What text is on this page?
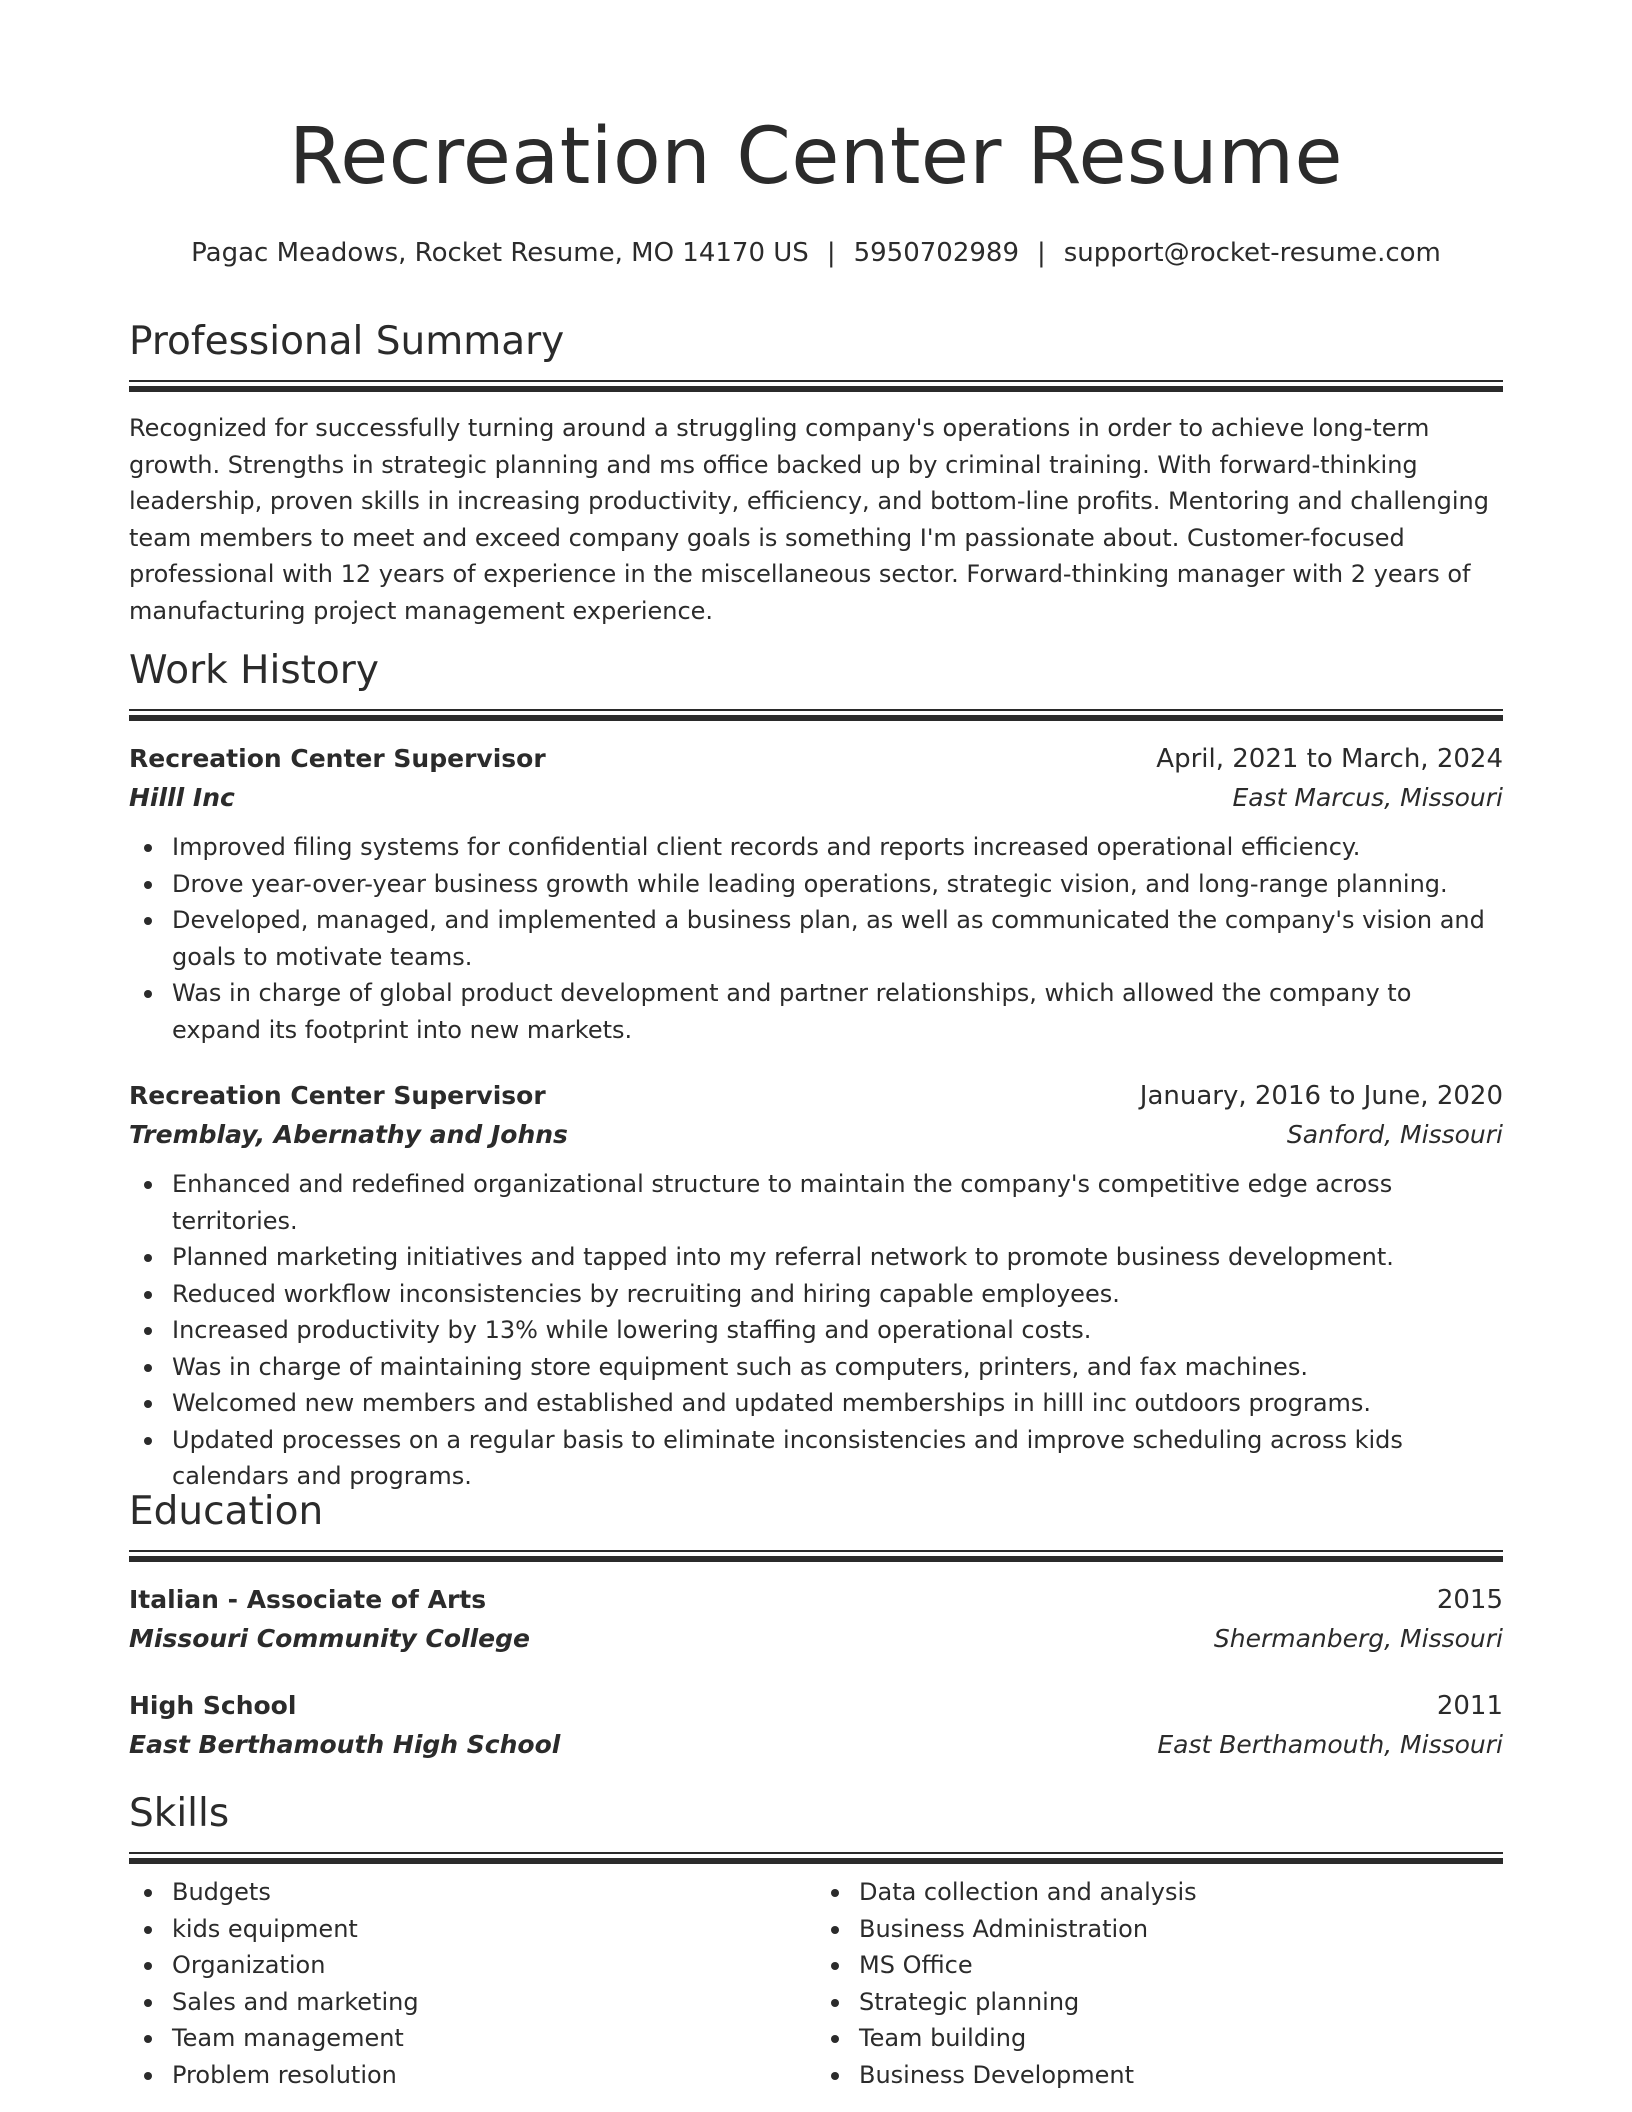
Recreation Center Resume
Pagac Meadows, Rocket Resume, MO 14170 US | 5950702989 | support@rocket-resume.com
Professional Summary

Recognized for successfully turning around a struggling company's operations in order to achieve long-term growth. Strengths in strategic planning and ms office backed up by criminal training. With forward-thinking leadership, proven skills in increasing productivity, efficiency, and bottom-line profits. Mentoring and challenging team members to meet and exceed company goals is something I'm passionate about. Customer-focused professional with 12 years of experience in the miscellaneous sector. Forward-thinking manager with 2 years of manufacturing project management experience.

Work History
Recreation Center Supervisor	April, 2021 to March, 2024
Hilll Inc	East Marcus, Missouri
Improved filing systems for confidential client records and reports increased operational efficiency.
Drove year-over-year business growth while leading operations, strategic vision, and long-range planning.
Developed, managed, and implemented a business plan, as well as communicated the company's vision and goals to motivate teams.
Was in charge of global product development and partner relationships, which allowed the company to expand its footprint into new markets.
Recreation Center Supervisor	January, 2016 to June, 2020
Tremblay, Abernathy and Johns	Sanford, Missouri
Enhanced and redefined organizational structure to maintain the company's competitive edge across territories.
Planned marketing initiatives and tapped into my referral network to promote business development.
Reduced workflow inconsistencies by recruiting and hiring capable employees.
Increased productivity by 13% while lowering staffing and operational costs.
Was in charge of maintaining store equipment such as computers, printers, and fax machines.
Welcomed new members and established and updated memberships in hilll inc outdoors programs.
Updated processes on a regular basis to eliminate inconsistencies and improve scheduling across kids calendars and programs.
Education
Italian - Associate of Arts	2015
Missouri Community College	Shermanberg, Missouri
High School	2011
East Berthamouth High School	East Berthamouth, Missouri
Skills
Budgets
kids equipment
Organization
Sales and marketing
Team management
Problem resolution
Data collection and analysis
Business Administration
MS Office
Strategic planning
Team building
Business Development
